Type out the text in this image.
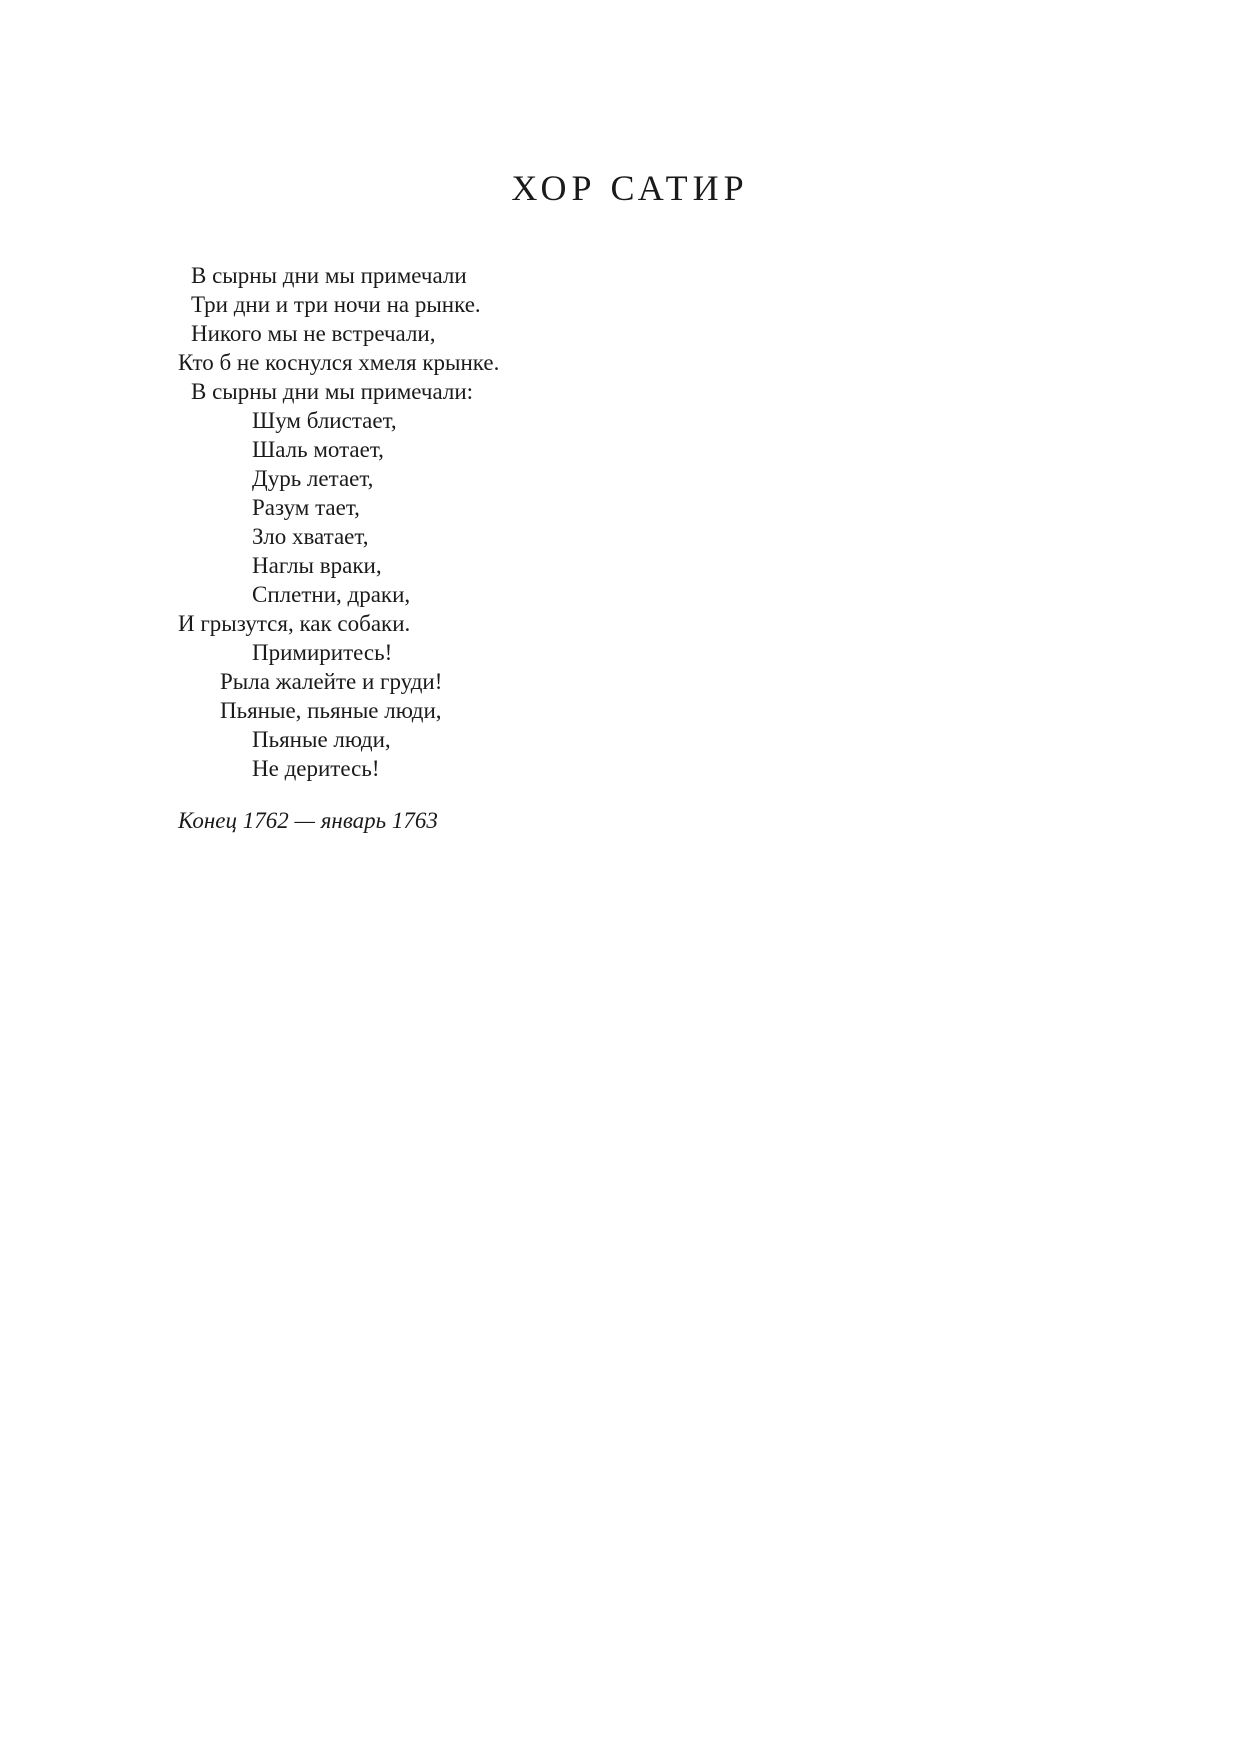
ХОР САТИР
В сырны дни мы примечали
Три дни и три ночи на рынке.
Никого мы не встречали,
Кто б не коснулся хмеля крынке.
В сырны дни мы примечали:
Шум блистает,
Шаль мотает,
Дурь летает,
Разум тает,
Зло хватает,
Наглы враки,
Сплетни, драки,
И грызутся, как собаки.
Примиритесь!
Рыла жалейте и груди!
Пьяные, пьяные люди,
Пьяные люди,
Не деритесь!

Конец 1762 — январь 1763
